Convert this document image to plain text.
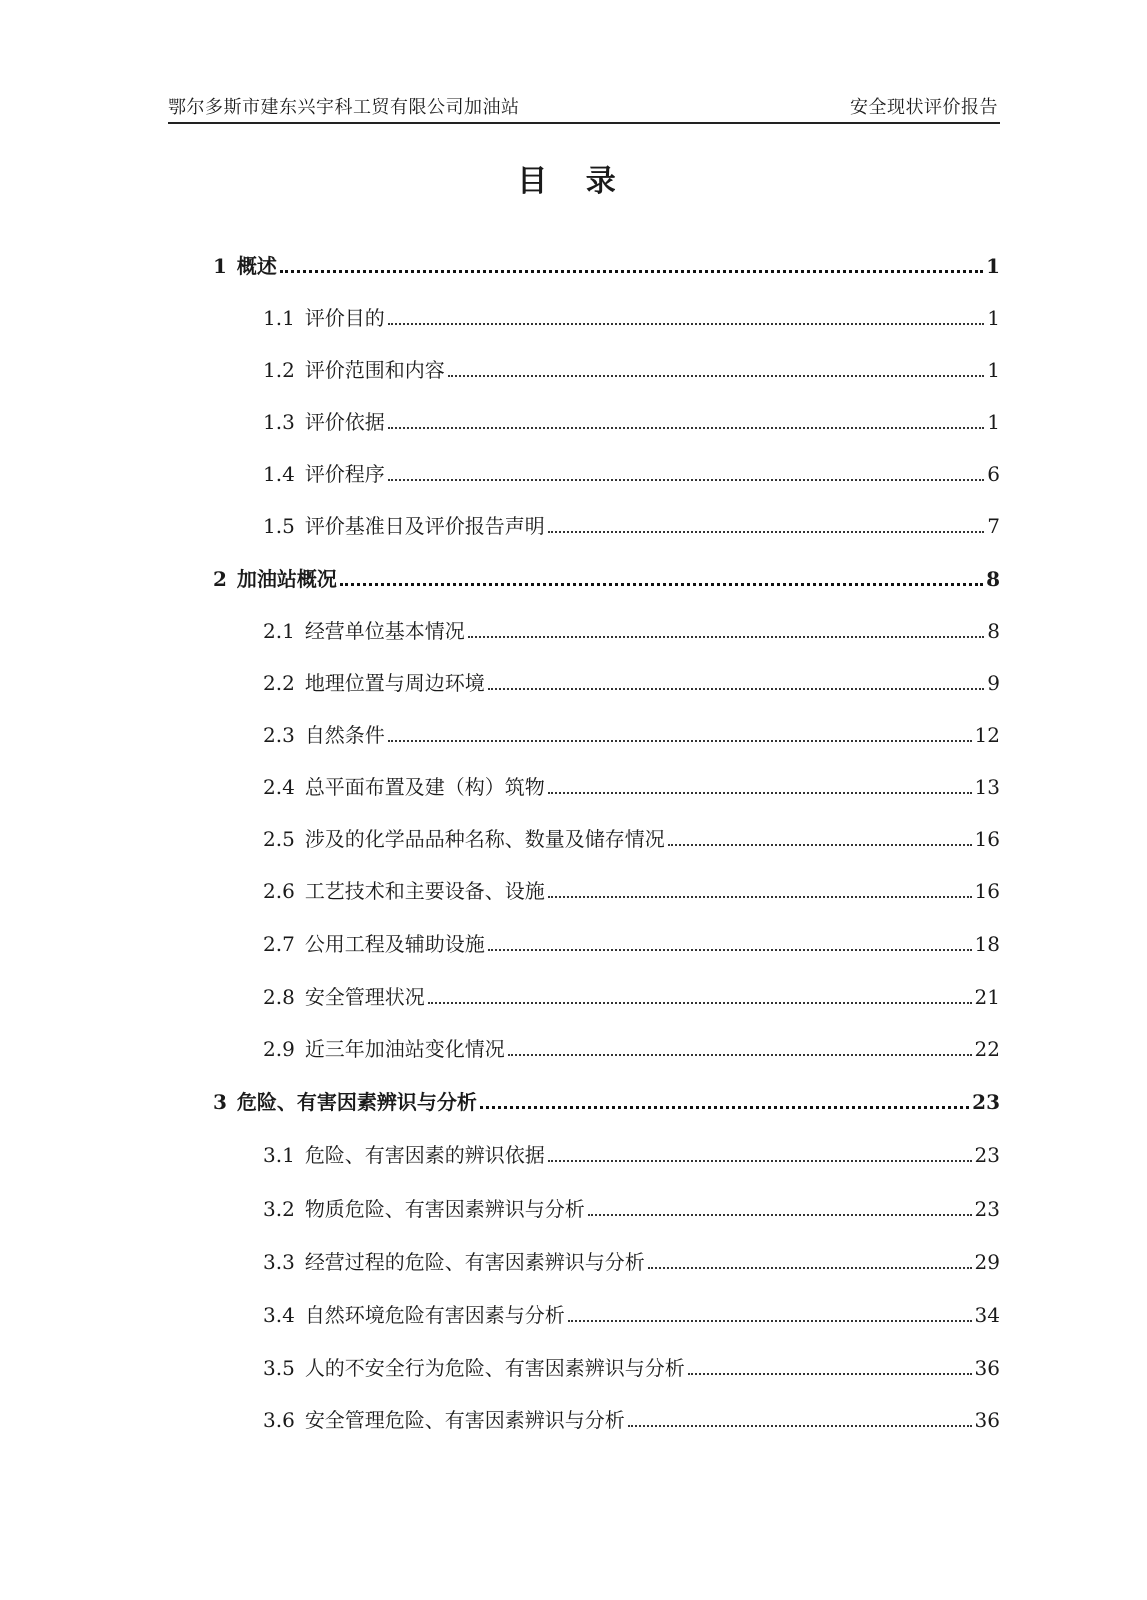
鄂尔多斯市建东兴宇科工贸有限公司加油站	安全现状评价报告
目 录
1 概述	1
1.1 评价目的	1
1.2 评价范围和内容	1
1.3 评价依据	1
1.4 评价程序	6
1.5 评价基准日及评价报告声明	7
2 加油站概况	8
2.1 经营单位基本情况	8
2.2 地理位置与周边环境	9
2.3 自然条件	12
2.4 总平面布置及建（构）筑物	13
2.5 涉及的化学品品种名称、数量及储存情况	16
2.6 工艺技术和主要设备、设施	16
2.7 公用工程及辅助设施	18
2.8 安全管理状况	21
2.9 近三年加油站变化情况	22
3 危险、有害因素辨识与分析	23
3.1 危险、有害因素的辨识依据	23
3.2 物质危险、有害因素辨识与分析	23
3.3 经营过程的危险、有害因素辨识与分析	29
3.4 自然环境危险有害因素与分析	34
3.5 人的不安全行为危险、有害因素辨识与分析	36
3.6 安全管理危险、有害因素辨识与分析	36
